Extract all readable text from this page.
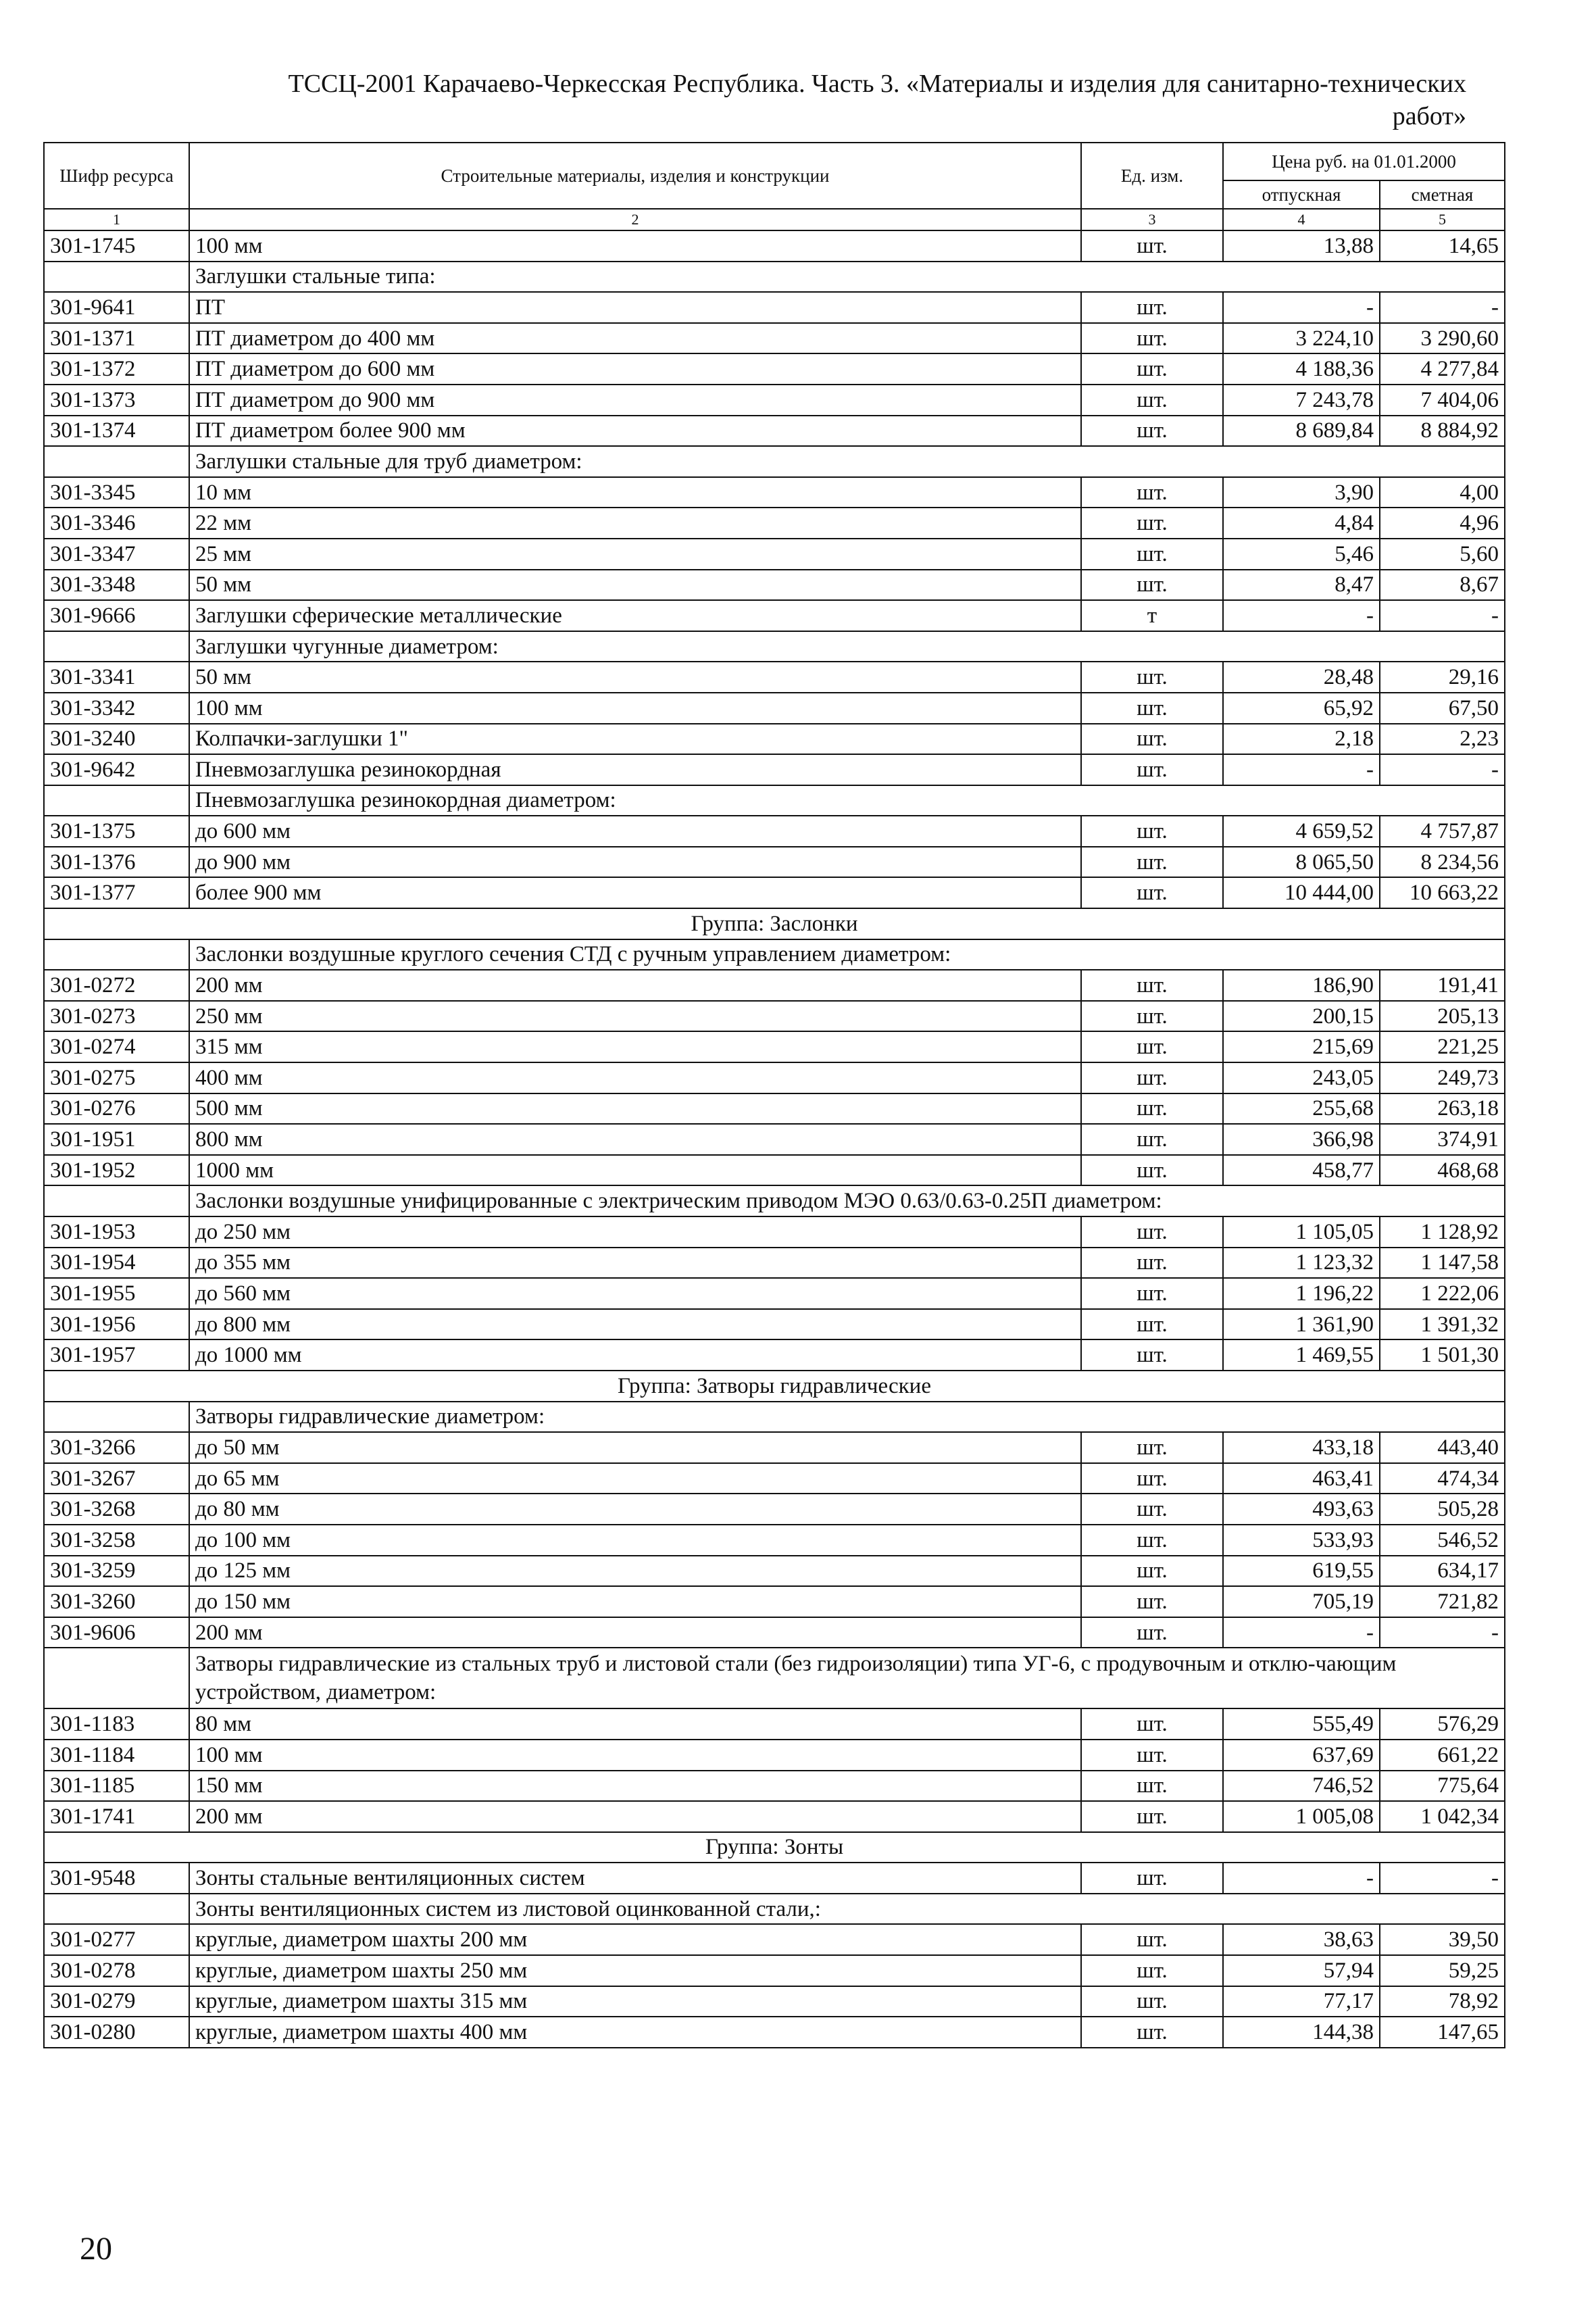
ТССЦ-2001 Карачаево-Черкесская Республика. Часть 3. «Материалы и изделия для санитарно-технических
работ»
Шифр ресурса	Строительные материалы, изделия и конструкции	Ед. изм.	Цена руб. на 01.01.2000	
			отпускная	сметная
1	2	3	4	5
301-1745	100 мм	шт.	13,88	14,65
	Заглушки стальные типа:			
301-9641	ПТ	шт.	-	-
301-1371	ПТ диаметром до 400 мм	шт.	3 224,10	3 290,60
301-1372	ПТ диаметром до 600 мм	шт.	4 188,36	4 277,84
301-1373	ПТ диаметром до 900 мм	шт.	7 243,78	7 404,06
301-1374	ПТ диаметром более 900 мм	шт.	8 689,84	8 884,92
	Заглушки стальные для труб диаметром:			
301-3345	10 мм	шт.	3,90	4,00
301-3346	22 мм	шт.	4,84	4,96
301-3347	25 мм	шт.	5,46	5,60
301-3348	50 мм	шт.	8,47	8,67
301-9666	Заглушки сферические металлические	т	-	-
	Заглушки чугунные диаметром:			
301-3341	50 мм	шт.	28,48	29,16
301-3342	100 мм	шт.	65,92	67,50
301-3240	Колпачки-заглушки 1"	шт.	2,18	2,23
301-9642	Пневмозаглушка резинокордная	шт.	-	-
	Пневмозаглушка резинокордная диаметром:			
301-1375	до 600 мм	шт.	4 659,52	4 757,87
301-1376	до 900 мм	шт.	8 065,50	8 234,56
301-1377	более 900 мм	шт.	10 444,00	10 663,22
Группа: Заслонки				
	Заслонки воздушные круглого сечения СТД с ручным управлением диаметром:			
301-0272	200 мм	шт.	186,90	191,41
301-0273	250 мм	шт.	200,15	205,13
301-0274	315 мм	шт.	215,69	221,25
301-0275	400 мм	шт.	243,05	249,73
301-0276	500 мм	шт.	255,68	263,18
301-1951	800 мм	шт.	366,98	374,91
301-1952	1000 мм	шт.	458,77	468,68
	Заслонки воздушные унифицированные с электрическим приводом МЭО 0.63/0.63-0.25П диаметром:			
301-1953	до 250 мм	шт.	1 105,05	1 128,92
301-1954	до 355 мм	шт.	1 123,32	1 147,58
301-1955	до 560 мм	шт.	1 196,22	1 222,06
301-1956	до 800 мм	шт.	1 361,90	1 391,32
301-1957	до 1000 мм	шт.	1 469,55	1 501,30
Группа: Затворы гидравлические				
	Затворы гидравлические диаметром:			
301-3266	до 50 мм	шт.	433,18	443,40
301-3267	до 65 мм	шт.	463,41	474,34
301-3268	до 80 мм	шт.	493,63	505,28
301-3258	до 100 мм	шт.	533,93	546,52
301-3259	до 125 мм	шт.	619,55	634,17
301-3260	до 150 мм	шт.	705,19	721,82
301-9606	200 мм	шт.	-	-
	Затворы гидравлические из стальных труб и листовой стали (без гидроизоляции) типа УГ-6, с продувочным и отклю-чающим устройством, диаметром:			
301-1183	80 мм	шт.	555,49	576,29
301-1184	100 мм	шт.	637,69	661,22
301-1185	150 мм	шт.	746,52	775,64
301-1741	200 мм	шт.	1 005,08	1 042,34
Группа: Зонты				
301-9548	Зонты стальные вентиляционных систем	шт.	-	-
	Зонты вентиляционных систем из листовой оцинкованной стали,:			
301-0277	круглые, диаметром шахты 200 мм	шт.	38,63	39,50
301-0278	круглые, диаметром шахты 250 мм	шт.	57,94	59,25
301-0279	круглые, диаметром шахты 315 мм	шт.	77,17	78,92
301-0280	круглые, диаметром шахты 400 мм	шт.	144,38	147,65
20
